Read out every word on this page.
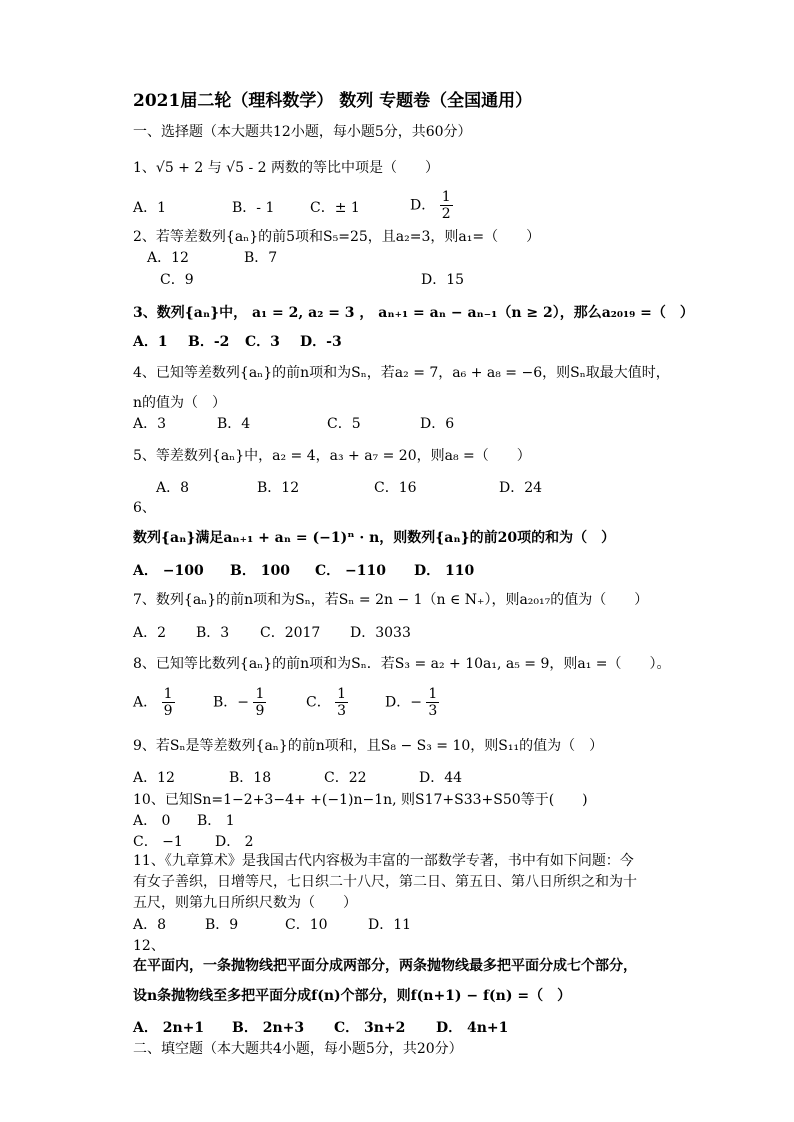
2021届二轮（理科数学） 数列 专题卷（全国通用）
一、选择题（本大题共12小题，每小题5分，共60分）
1、√5 + 2 与 √5 - 2 两数的等比中项是（　　）
A．1	B．- 1	C．± 1	D． $\frac{1}{2}$
2、若等差数列{aₙ}的前5项和S₅=25，且a₂=3，则a₁=（　　）
A．12	B．7
C．9	D．15
3、数列{aₙ}中， a₁ = 2, a₂ = 3 ， aₙ₊₁ = aₙ − aₙ₋₁（n ≥ 2），那么a₂₀₁₉ =（　）
A．1 B．-2 C．3 D．-3
4、已知等差数列{aₙ}的前n项和为Sₙ，若a₂ = 7，a₆ + a₈ = −6，则Sₙ取最大值时，
n的值为（　）
A．3	B．4	C．5	D．6
5、等差数列{aₙ}中，a₂ = 4，a₃ + a₇ = 20，则a₈ =（　　）
A．8	B．12	C．16	D．24
6、
数列{aₙ}满足aₙ₊₁ + aₙ = (−1)ⁿ · n，则数列{aₙ}的前20项的和为（　）
A． −100 B． 100 C． −110 D． 110
7、数列{aₙ}的前n项和为Sₙ，若Sₙ = 2n − 1（n ∈ N₊），则a₂₀₁₇的值为（　　）
A．2 B．3 C．2017 D．3033
8、已知等比数列{aₙ}的前n项和为Sₙ．若S₃ = a₂ + 10a₁, a₅ = 9，则a₁ =（　　）。
A． $\frac{1}{9}$	B．− $\frac{1}{9}$	C． $\frac{1}{3}$	D．− $\frac{1}{3}$
9、若Sₙ是等差数列{aₙ}的前n项和，且S₈ − S₃ = 10，则S₁₁的值为（　）
A．12	B．18	C．22	D．44
10、已知Sn=1−2+3−4+ +(−1)n−1n, 则S17+S33+S50等于(　　)
A． 0 B． 1
C． −1 D． 2
11、《九章算术》是我国古代内容极为丰富的一部数学专著，书中有如下问题：今
有女子善织，日增等尺，七日织二十八尺，第二日、第五日、第八日所织之和为十
五尺，则第九日所织尺数为（　　）
A．8	B．9	C．10	D．11
12、
在平面内，一条抛物线把平面分成两部分，两条抛物线最多把平面分成七个部分，
设n条抛物线至多把平面分成f(n)个部分，则f(n+1) − f(n) =（　）
A． 2n+1 B． 2n+3 C． 3n+2 D． 4n+1
二、填空题（本大题共4小题，每小题5分，共20分）
